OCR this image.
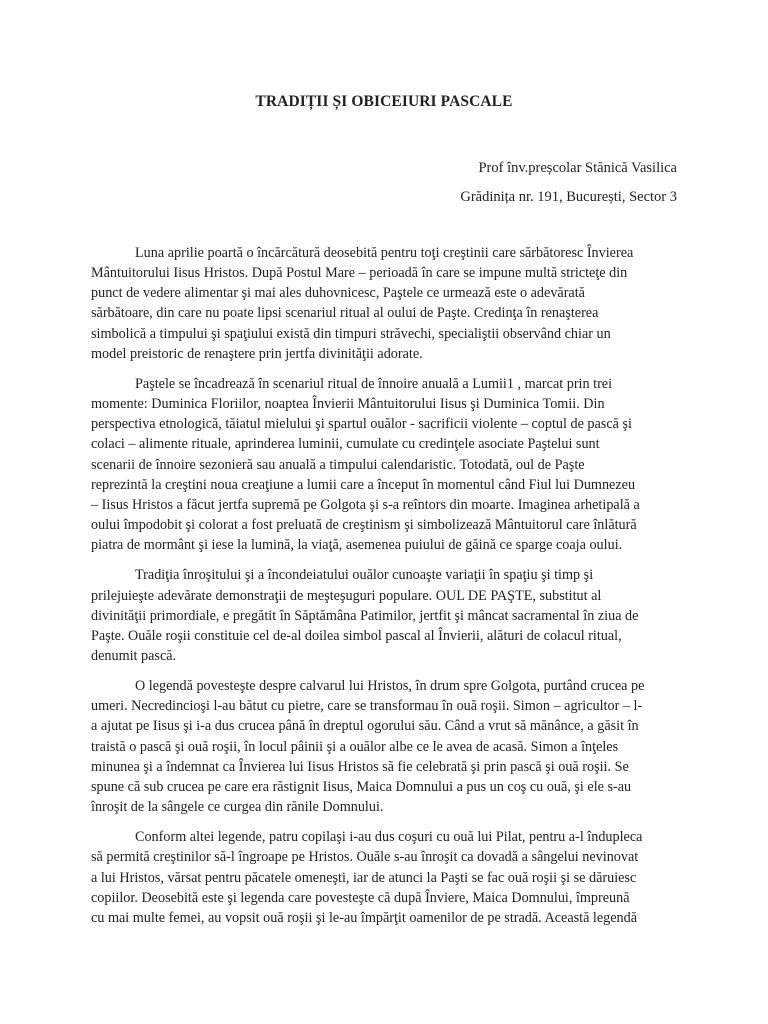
TRADIȚII ȘI OBICEIURI PASCALE

Prof înv.preșcolar Stănică Vasilica

Grădinița nr. 191, București, Sector 3

Luna aprilie poartă o încărcătură deosebită pentru toţi creştinii care sărbătoresc Învierea
Mântuitorului Iisus Hristos. După Postul Mare – perioadă în care se impune multă stricteţe din
punct de vedere alimentar şi mai ales duhovnicesc, Paştele ce urmează este o adevărată
sărbătoare, din care nu poate lipsi scenariul ritual al oului de Paşte. Credinţa în renaşterea
simbolică a timpului şi spaţiului există din timpuri străvechi, specialiştii observând chiar un
model preistoric de renaştere prin jertfa divinităţii adorate.

Paştele se încadrează în scenariul ritual de înnoire anuală a Lumii1 , marcat prin trei
momente: Duminica Floriilor, noaptea Învierii Mântuitorului Iisus şi Duminica Tomii. Din
perspectiva etnologică, tăiatul mielului şi spartul ouălor - sacrificii violente – coptul de pască şi
colaci – alimente rituale, aprinderea luminii, cumulate cu credinţele asociate Paştelui sunt
scenarii de înnoire sezonieră sau anuală a timpului calendaristic. Totodată, oul de Paşte
reprezintă la creştini noua creaţiune a lumii care a început în momentul când Fiul lui Dumnezeu
– Iisus Hristos a făcut jertfa supremă pe Golgota şi s-a reîntors din moarte. Imaginea arhetipală a
oului împodobit şi colorat a fost preluată de creştinism şi simbolizează Mântuitorul care înlătură
piatra de mormânt şi iese la lumină, la viaţă, asemenea puiului de găină ce sparge coaja oului.

Tradiţia înroşitului şi a încondeiatului ouălor cunoaşte variaţii în spaţiu şi timp şi
prilejuieşte adevărate demonstraţii de meşteşuguri populare. OUL DE PAŞTE, substitut al
divinităţii primordiale, e pregătit în Săptămâna Patimilor, jertfit şi mâncat sacramental în ziua de
Paşte. Ouăle roşii constituie cel de-al doilea simbol pascal al Învierii, alături de colacul ritual,
denumit pască.

O legendă povesteşte despre calvarul lui Hristos, în drum spre Golgota, purtând crucea pe
umeri. Necredincioşi l-au bătut cu pietre, care se transformau în ouă roşii. Simon – agricultor – l-
a ajutat pe Iisus şi i-a dus crucea până în dreptul ogorului său. Când a vrut să mănânce, a găsit în
traistă o pască şi ouă roşii, în locul pâinii şi a ouălor albe ce le avea de acasă. Simon a înţeles
minunea şi a îndemnat ca Învierea lui Iisus Hristos să fie celebrată şi prin pască şi ouă roşii. Se
spune că sub crucea pe care era răstignit Iisus, Maica Domnului a pus un coş cu ouă, şi ele s-au
înroşit de la sângele ce curgea din rănile Domnului.

Conform altei legende, patru copilaşi i-au dus coşuri cu ouă lui Pilat, pentru a-l îndupleca
să permită creştinilor să-l îngroape pe Hristos. Ouăle s-au înroşit ca dovadă a sângelui nevinovat
a lui Hristos, vărsat pentru păcatele omeneşti, iar de atunci la Paşti se fac ouă roşii şi se dăruiesc
copiilor. Deosebită este şi legenda care povesteşte că după Înviere, Maica Domnului, împreună
cu mai multe femei, au vopsit ouă roşii şi le-au împărţit oamenilor de pe stradă. Această legendă
